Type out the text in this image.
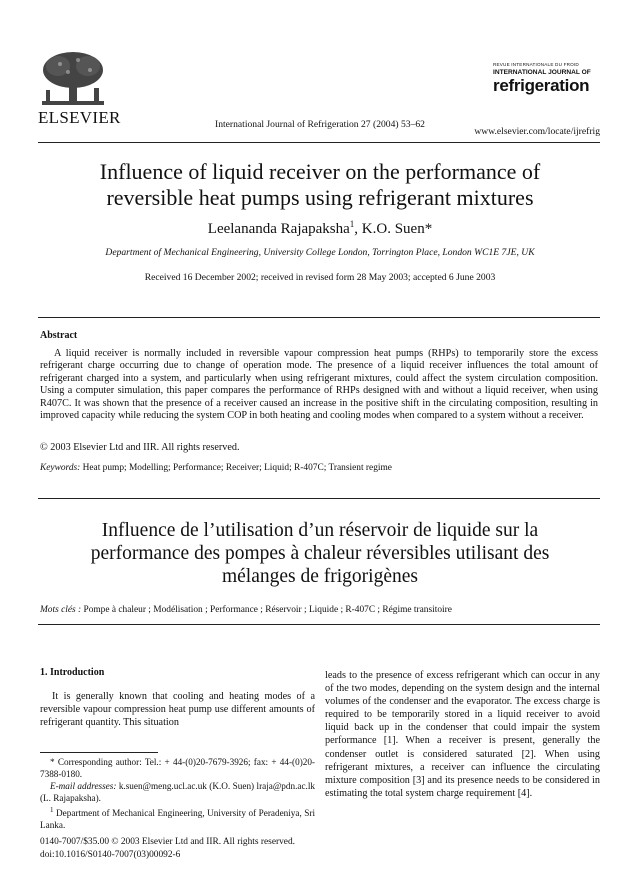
ELSEVIER	International Journal of Refrigeration 27 (2004) 53–62
REVUE INTERNATIONALE DU FROID
INTERNATIONAL JOURNAL OF
refrigeration
www.elsevier.com/locate/ijrefrig
Influence of liquid receiver on the performance of
reversible heat pumps using refrigerant mixtures
Leelananda Rajapaksha$^1$, K.O. Suen*
Department of Mechanical Engineering, University College London, Torrington Place, London WC1E 7JE, UK
Received 16 December 2002; received in revised form 28 May 2003; accepted 6 June 2003
Abstract
A liquid receiver is normally included in reversible vapour compression heat pumps (RHPs) to temporarily store the excess refrigerant charge occurring due to change of operation mode. The presence of a liquid receiver influences the total amount of refrigerant charged into a system, and particularly when using refrigerant mixtures, could affect the system circulation composition. Using a computer simulation, this paper compares the performance of RHPs designed with and without a liquid receiver, when using R407C. It was shown that the presence of a receiver caused an increase in the positive shift in the circulating composition, resulting in improved capacity while reducing the system COP in both heating and cooling modes when compared to a system without a receiver.
© 2003 Elsevier Ltd and IIR. All rights reserved.
Keywords: Heat pump; Modelling; Performance; Receiver; Liquid; R-407C; Transient regime
Influence de l’utilisation d’un réservoir de liquide sur la
performance des pompes à chaleur réversibles utilisant des
mélanges de frigorigènes
Mots clés : Pompe à chaleur ; Modélisation ; Performance ; Réservoir ; Liquide ; R-407C ; Régime transitoire
1. Introduction
It is generally known that cooling and heating modes of a reversible vapour compression heat pump use different amounts of refrigerant quantity. This situation
leads to the presence of excess refrigerant which can occur in any of the two modes, depending on the system design and the internal volumes of the condenser and the evaporator. The excess charge is required to be temporarily stored in a liquid receiver to avoid liquid back up in the condenser that could impair the system performance [1]. When a receiver is present, generally the condenser outlet is considered saturated [2]. When using refrigerant mixtures, a receiver can influence the circulating mixture composition [3] and its presence needs to be considered in estimating the total system charge requirement [4].

* Corresponding author: Tel.: + 44-(0)20-7679-3926; fax: + 44-(0)20-7388-0180.

E-mail addresses: k.suen@meng.ucl.ac.uk (K.O. Suen) lraja@pdn.ac.lk (L. Rajapaksha).

$^1$ Department of Mechanical Engineering, University of Peradeniya, Sri Lanka.

0140-7007/$35.00 © 2003 Elsevier Ltd and IIR. All rights reserved.
doi:10.1016/S0140-7007(03)00092-6
